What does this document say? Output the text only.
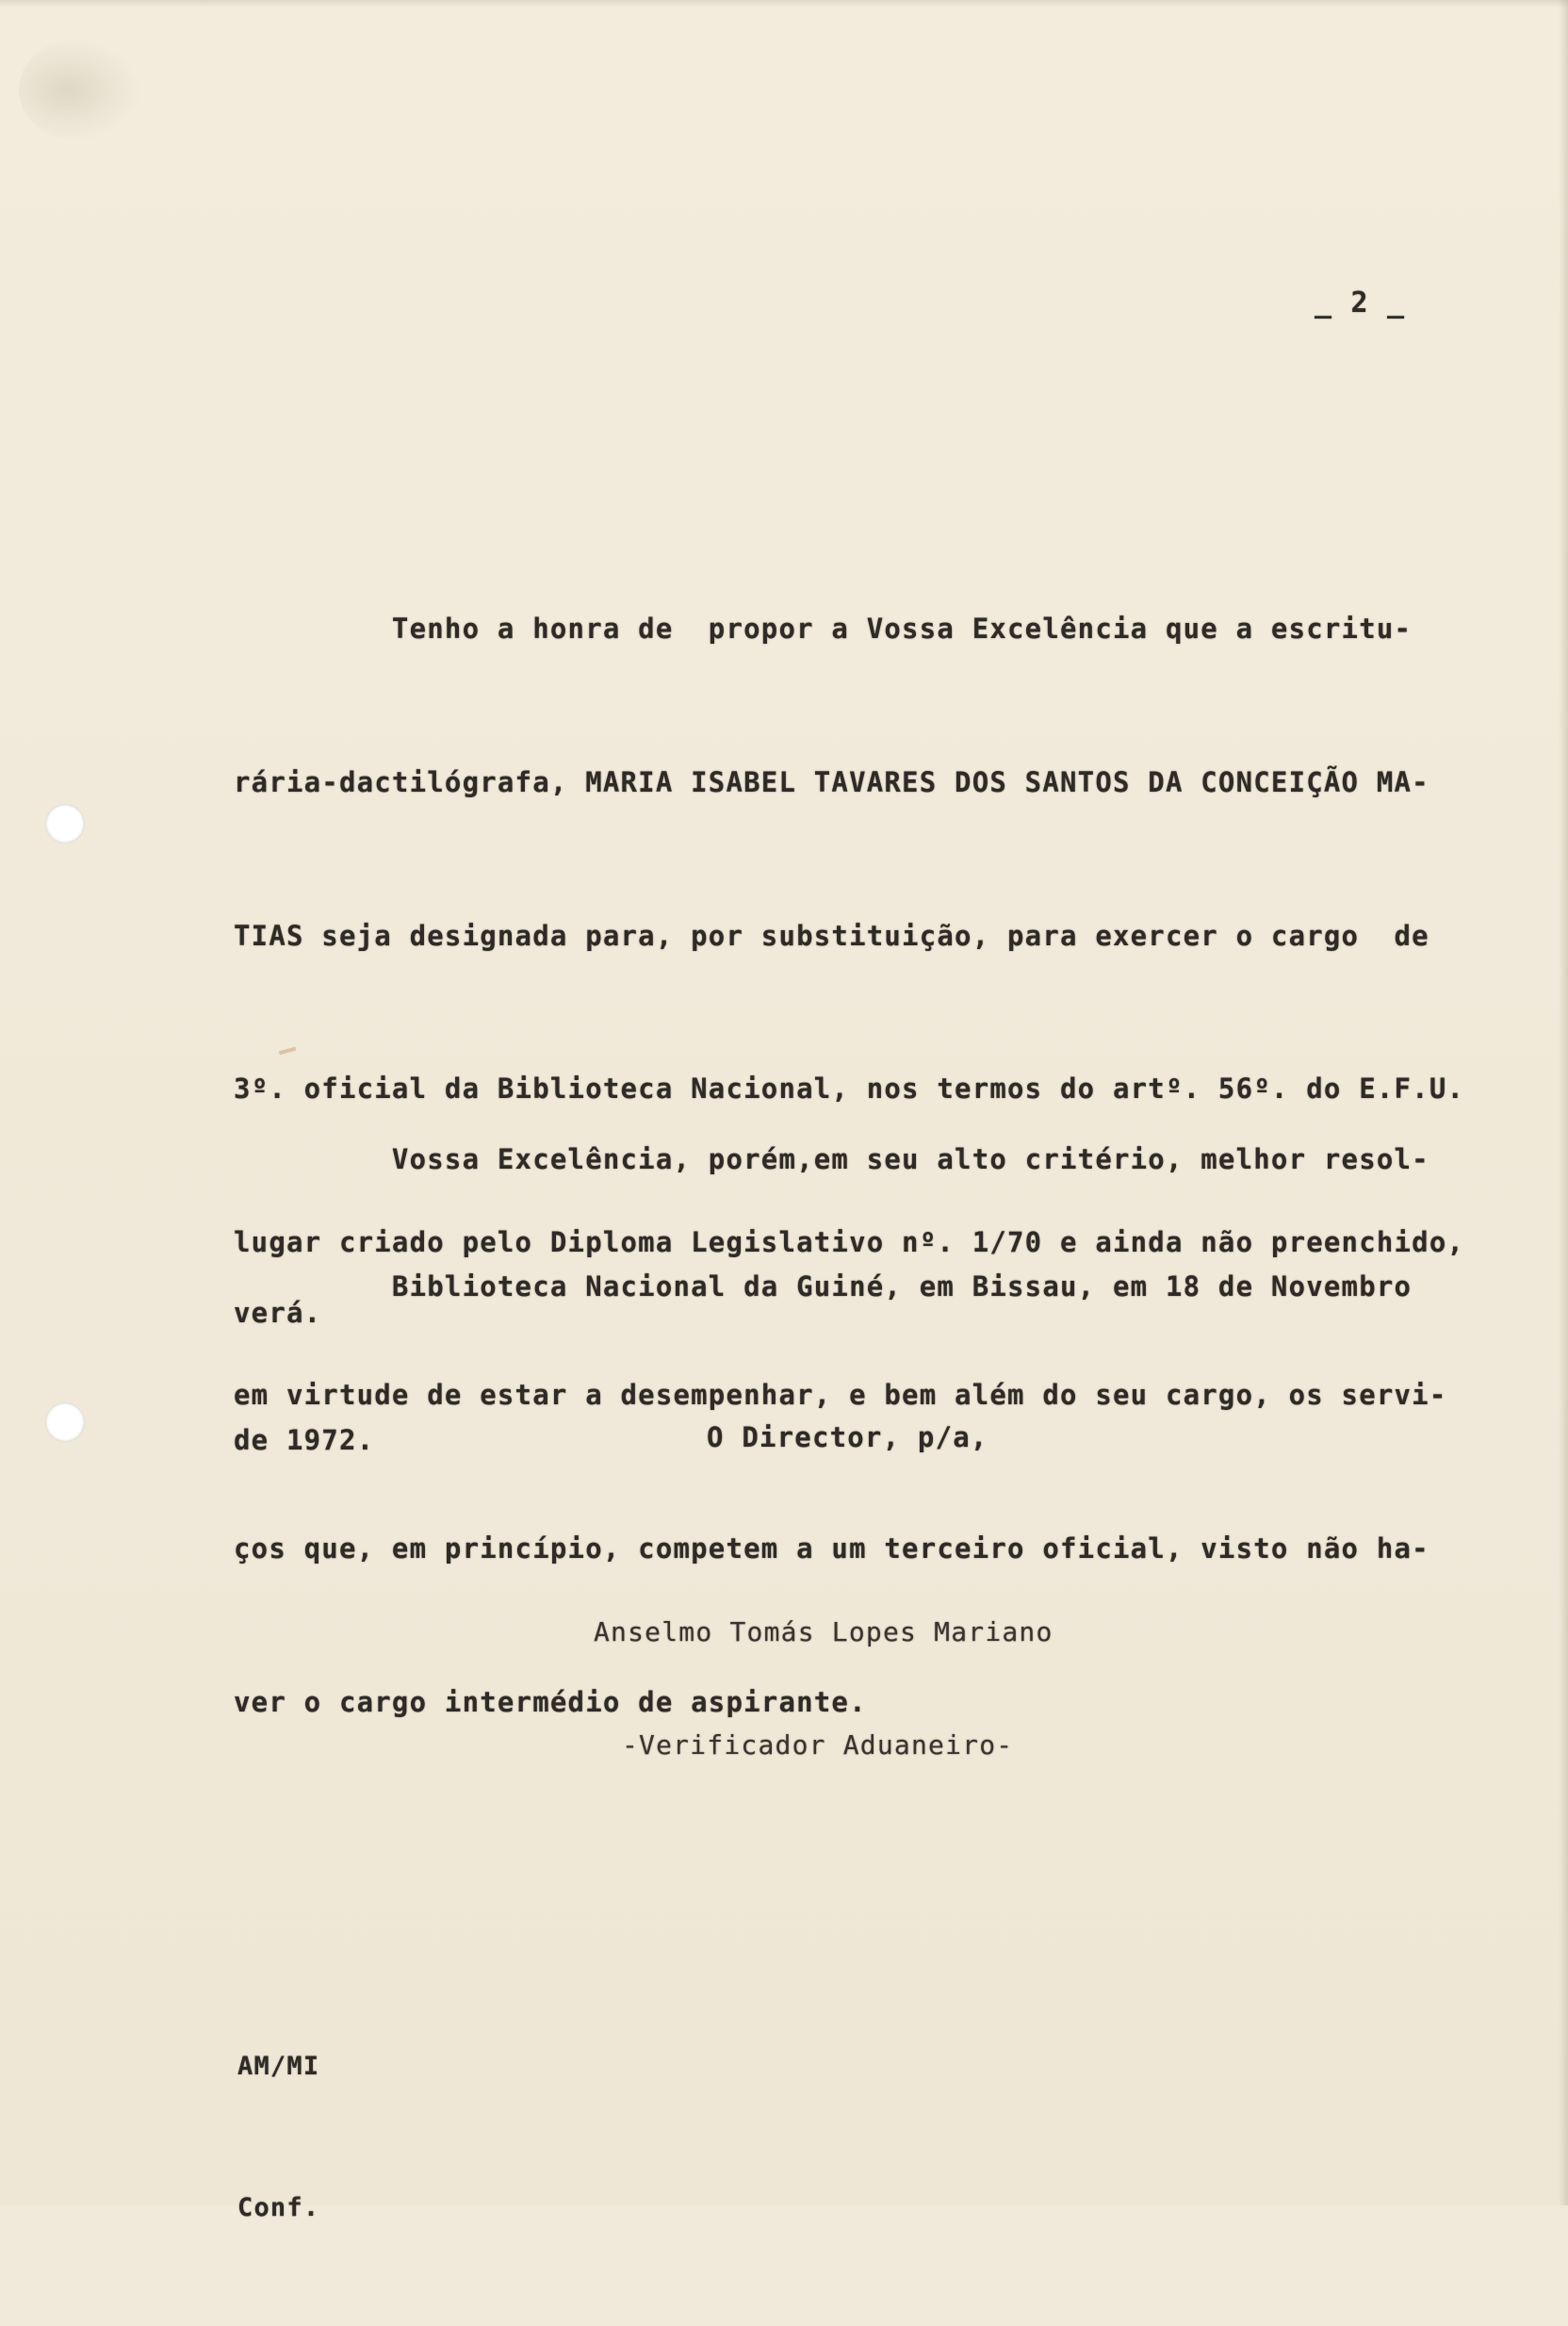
_ 2 _

Tenho a honra de  propor a Vossa Excelência que a escritu-

rária-dactilógrafa, MARIA ISABEL TAVARES DOS SANTOS DA CONCEIÇÃO MA-

TIAS seja designada para, por substituição, para exercer o cargo  de

3º. oficial da Biblioteca Nacional, nos termos do artº. 56º. do E.F.U.

lugar criado pelo Diploma Legislativo nº. 1/70 e ainda não preenchido,

em virtude de estar a desempenhar, e bem além do seu cargo, os servi-

ços que, em princípio, competem a um terceiro oficial, visto não ha-

ver o cargo intermédio de aspirante.

Vossa Excelência, porém,em seu alto critério, melhor resol-

verá.

Biblioteca Nacional da Guiné, em Bissau, em 18 de Novembro

de 1972.

	O Director, p/a,

Anselmo Tomás Lopes Mariano

-Verificador Aduaneiro-

AM/MI

Conf.
